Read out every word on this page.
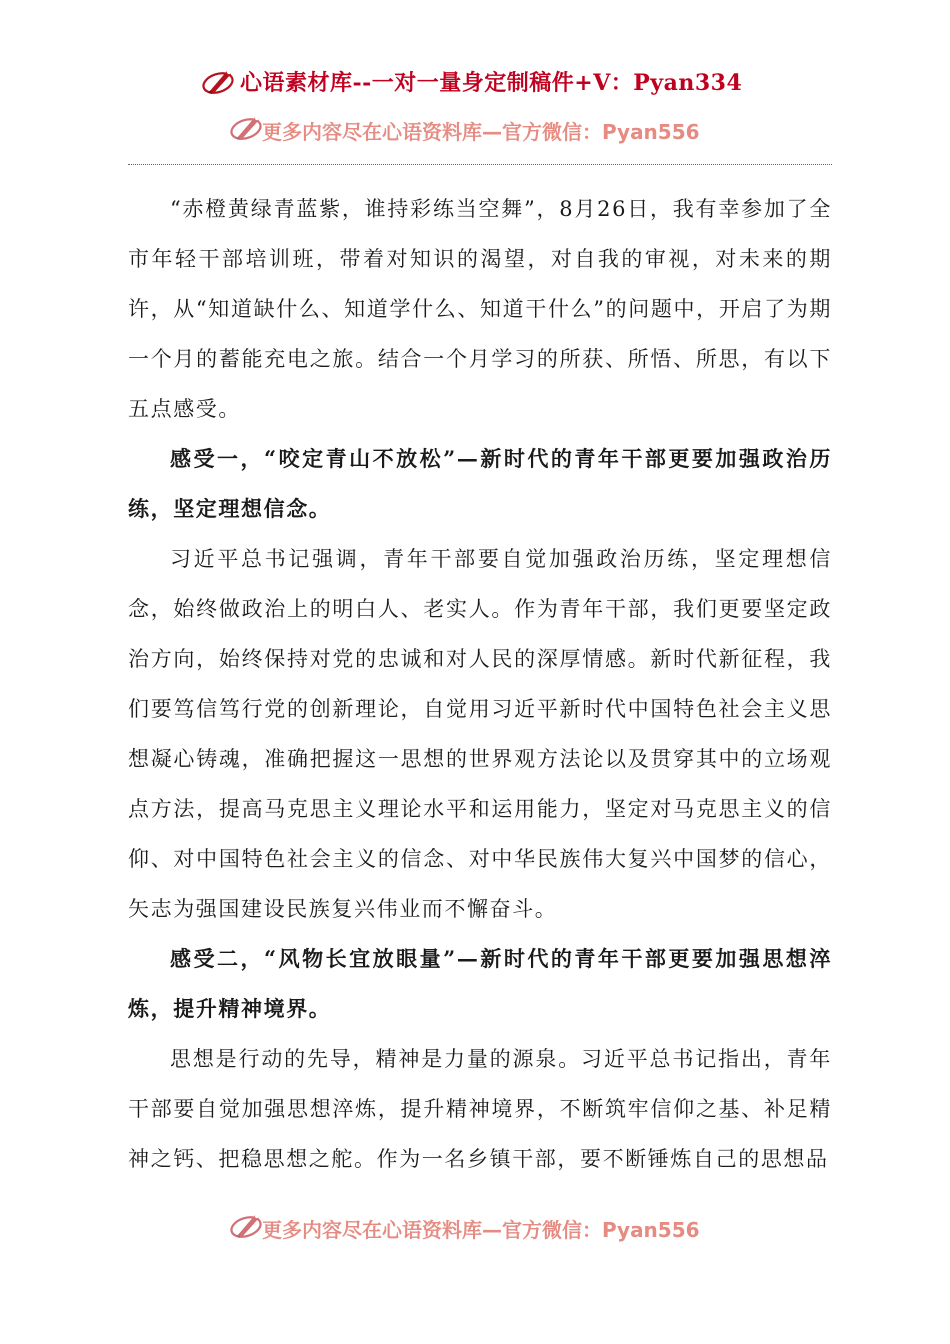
心语素材库--一对一量身定制稿件+V：Pyan334
更多内容尽在心语资料库—官方微信：Pyan556

“赤橙黄绿青蓝紫，谁持彩练当空舞”，8月26日，我有幸参加了全市年轻干部培训班，带着对知识的渴望，对自我的审视，对未来的期许，从“知道缺什么、知道学什么、知道干什么”的问题中，开启了为期一个月的蓄能充电之旅。结合一个月学习的所获、所悟、所思，有以下五点感受。

感受一，“咬定青山不放松”—新时代的青年干部更要加强政治历练，坚定理想信念。

习近平总书记强调，青年干部要自觉加强政治历练，坚定理想信念，始终做政治上的明白人、老实人。作为青年干部，我们更要坚定政治方向，始终保持对党的忠诚和对人民的深厚情感。新时代新征程，我们要笃信笃行党的创新理论，自觉用习近平新时代中国特色社会主义思想凝心铸魂，准确把握这一思想的世界观方法论以及贯穿其中的立场观点方法，提高马克思主义理论水平和运用能力，坚定对马克思主义的信仰、对中国特色社会主义的信念、对中华民族伟大复兴中国梦的信心，矢志为强国建设民族复兴伟业而不懈奋斗。

感受二，“风物长宜放眼量”—新时代的青年干部更要加强思想淬炼，提升精神境界。

思想是行动的先导，精神是力量的源泉。习近平总书记指出，青年干部要自觉加强思想淬炼，提升精神境界，不断筑牢信仰之基、补足精神之钙、把稳思想之舵。作为一名乡镇干部，要不断锤炼自己的思想品

更多内容尽在心语资料库—官方微信：Pyan556
